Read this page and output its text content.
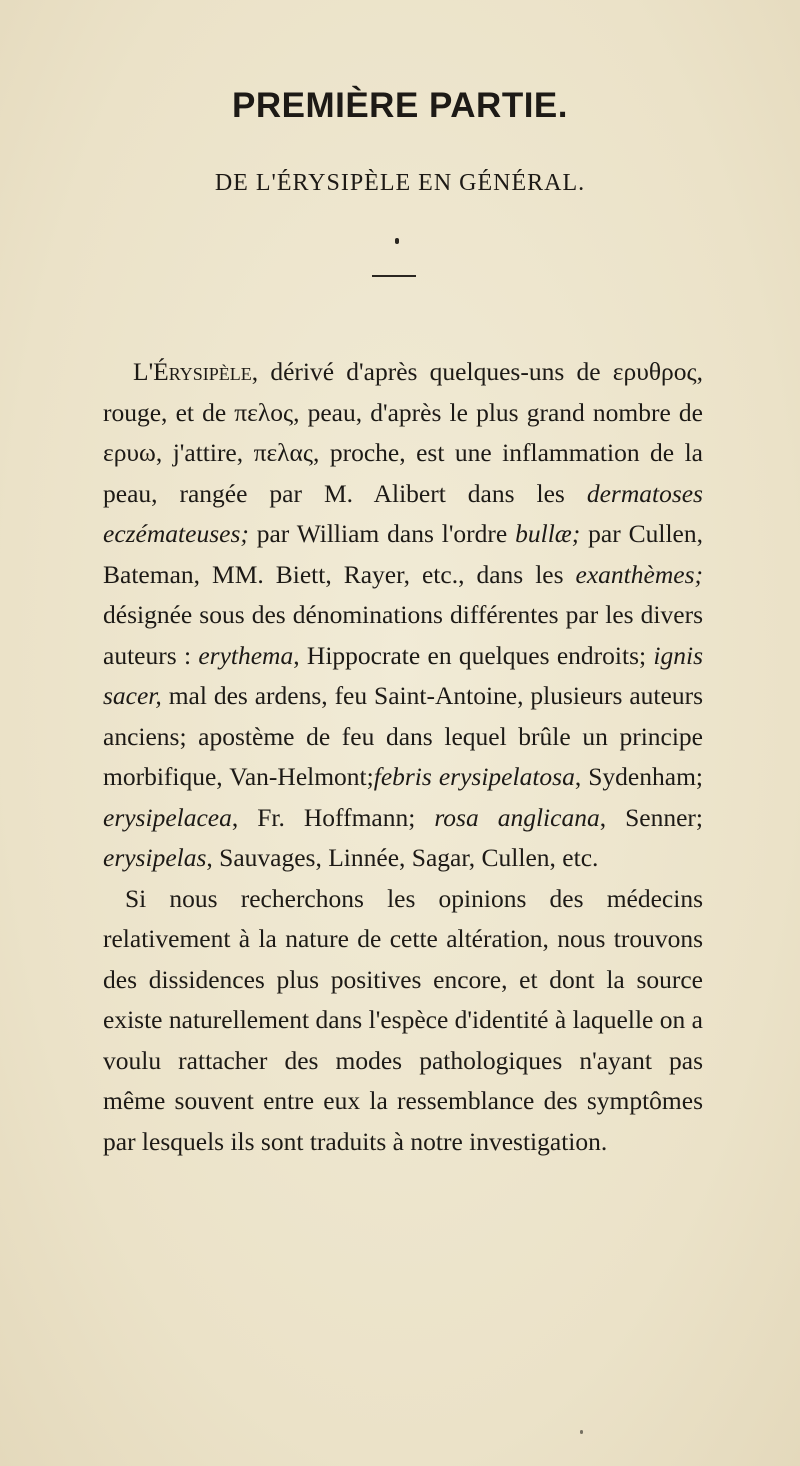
PREMIÈRE PARTIE.
DE L'ÉRYSIPÈLE EN GÉNÉRAL.

L'Érysipèle, dérivé d'après quelques-uns de ερυθρος, rouge, et de πελος, peau, d'après le plus grand nombre de ερυω, j'attire, πελας, proche, est une inflammation de la peau, rangée par M. Alibert dans les dermatoses eczémateuses; par William dans l'ordre bullæ; par Cullen, Bateman, MM. Biett, Rayer, etc., dans les exanthèmes; désignée sous des dénominations différentes par les divers auteurs : erythema, Hippocrate en quelques endroits; ignis sacer, mal des ardens, feu Saint-Antoine, plusieurs auteurs anciens; apostème de feu dans lequel brûle un principe morbifique, Van-Helmont;febris erysipelatosa, Sydenham; erysipelacea, Fr. Hoffmann; rosa anglicana, Senner; erysipelas, Sauvages, Linnée, Sagar, Cullen, etc.

Si nous recherchons les opinions des médecins relativement à la nature de cette altération, nous trouvons des dissidences plus positives encore, et dont la source existe naturellement dans l'espèce d'identité à laquelle on a voulu rattacher des modes pathologiques n'ayant pas même souvent entre eux la ressemblance des symptômes par lesquels ils sont traduits à notre investigation.
